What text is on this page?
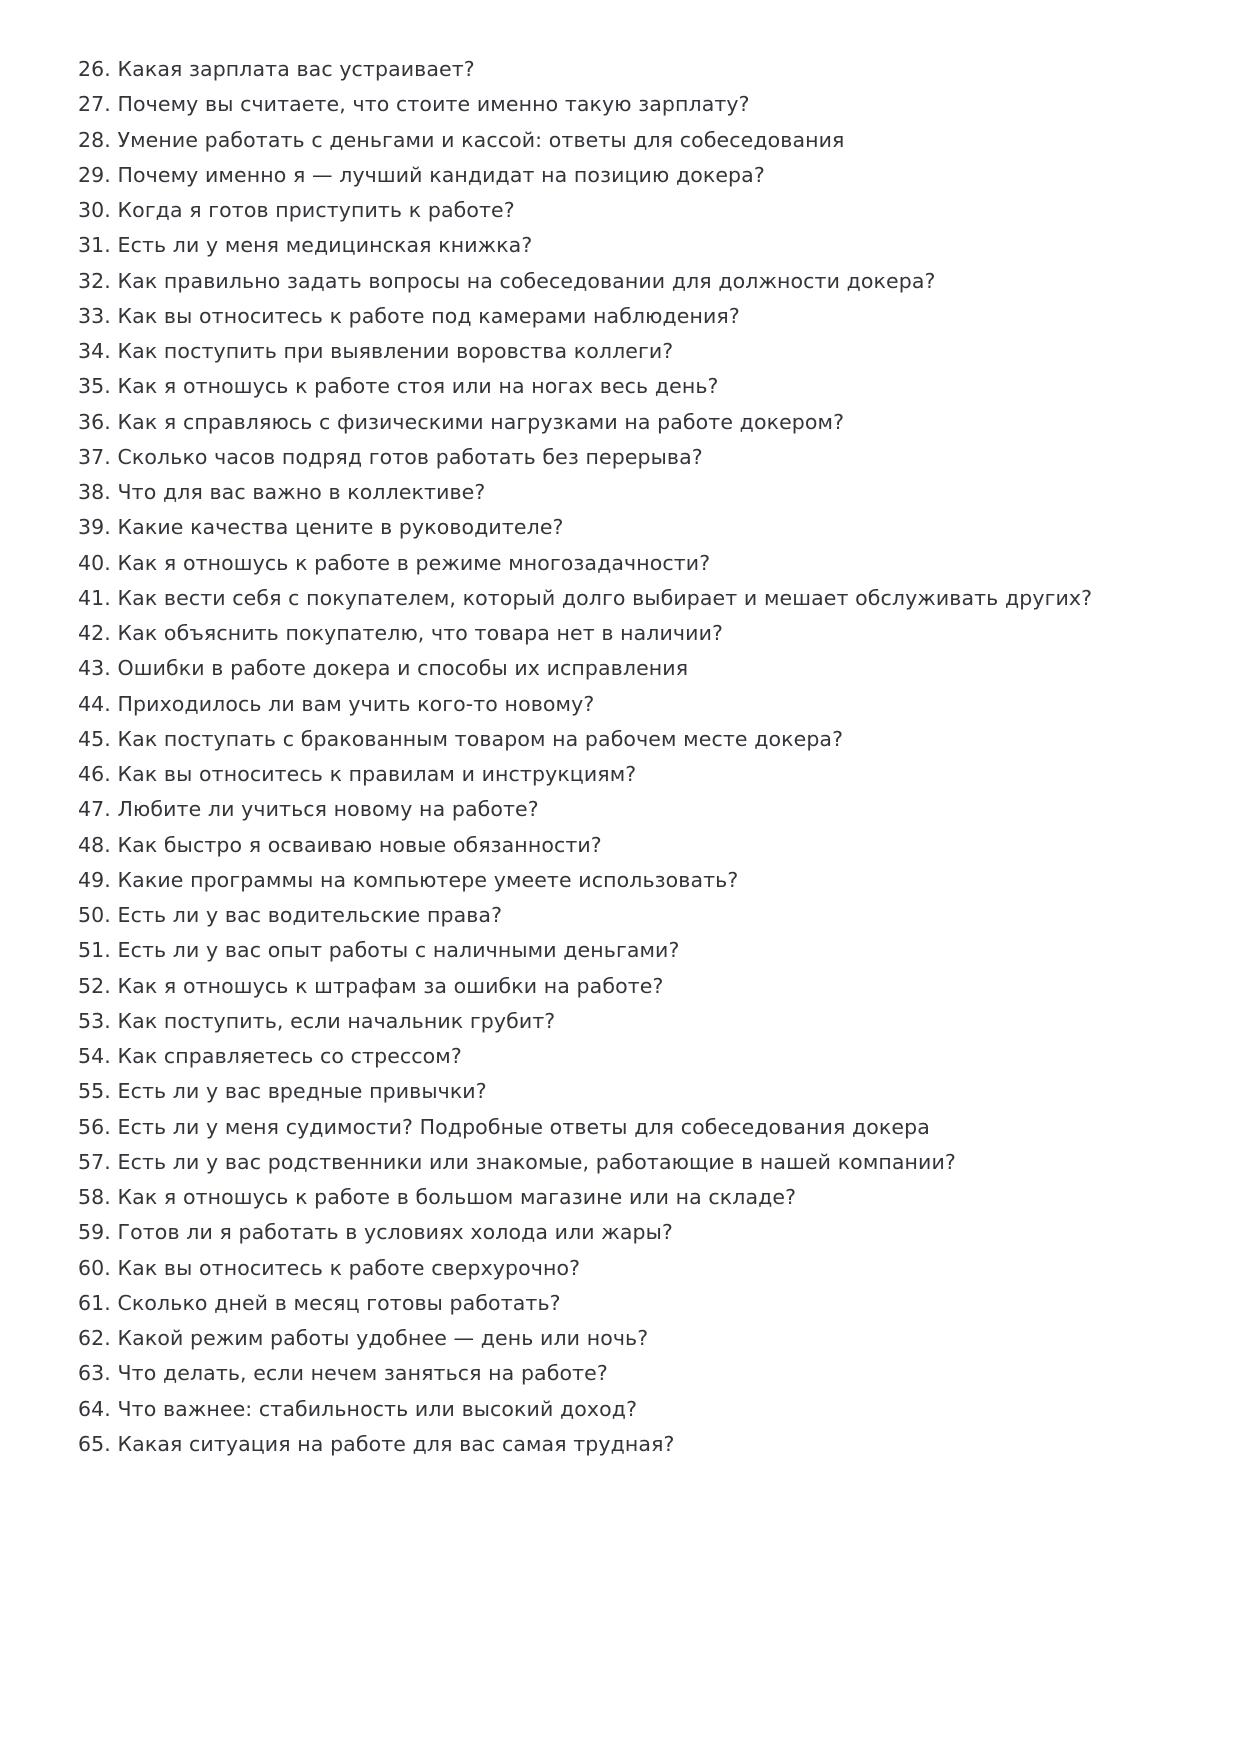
26. Какая зарплата вас устраивает?
27. Почему вы считаете, что стоите именно такую зарплату?
28. Умение работать с деньгами и кассой: ответы для собеседования
29. Почему именно я — лучший кандидат на позицию докера?
30. Когда я готов приступить к работе?
31. Есть ли у меня медицинская книжка?
32. Как правильно задать вопросы на собеседовании для должности докера?
33. Как вы относитесь к работе под камерами наблюдения?
34. Как поступить при выявлении воровства коллеги?
35. Как я отношусь к работе стоя или на ногах весь день?
36. Как я справляюсь с физическими нагрузками на работе докером?
37. Сколько часов подряд готов работать без перерыва?
38. Что для вас важно в коллективе?
39. Какие качества цените в руководителе?
40. Как я отношусь к работе в режиме многозадачности?
41. Как вести себя с покупателем, который долго выбирает и мешает обслуживать других?
42. Как объяснить покупателю, что товара нет в наличии?
43. Ошибки в работе докера и способы их исправления
44. Приходилось ли вам учить кого-то новому?
45. Как поступать с бракованным товаром на рабочем месте докера?
46. Как вы относитесь к правилам и инструкциям?
47. Любите ли учиться новому на работе?
48. Как быстро я осваиваю новые обязанности?
49. Какие программы на компьютере умеете использовать?
50. Есть ли у вас водительские права?
51. Есть ли у вас опыт работы с наличными деньгами?
52. Как я отношусь к штрафам за ошибки на работе?
53. Как поступить, если начальник грубит?
54. Как справляетесь со стрессом?
55. Есть ли у вас вредные привычки?
56. Есть ли у меня судимости? Подробные ответы для собеседования докера
57. Есть ли у вас родственники или знакомые, работающие в нашей компании?
58. Как я отношусь к работе в большом магазине или на складе?
59. Готов ли я работать в условиях холода или жары?
60. Как вы относитесь к работе сверхурочно?
61. Сколько дней в месяц готовы работать?
62. Какой режим работы удобнее — день или ночь?
63. Что делать, если нечем заняться на работе?
64. Что важнее: стабильность или высокий доход?
65. Какая ситуация на работе для вас самая трудная?
